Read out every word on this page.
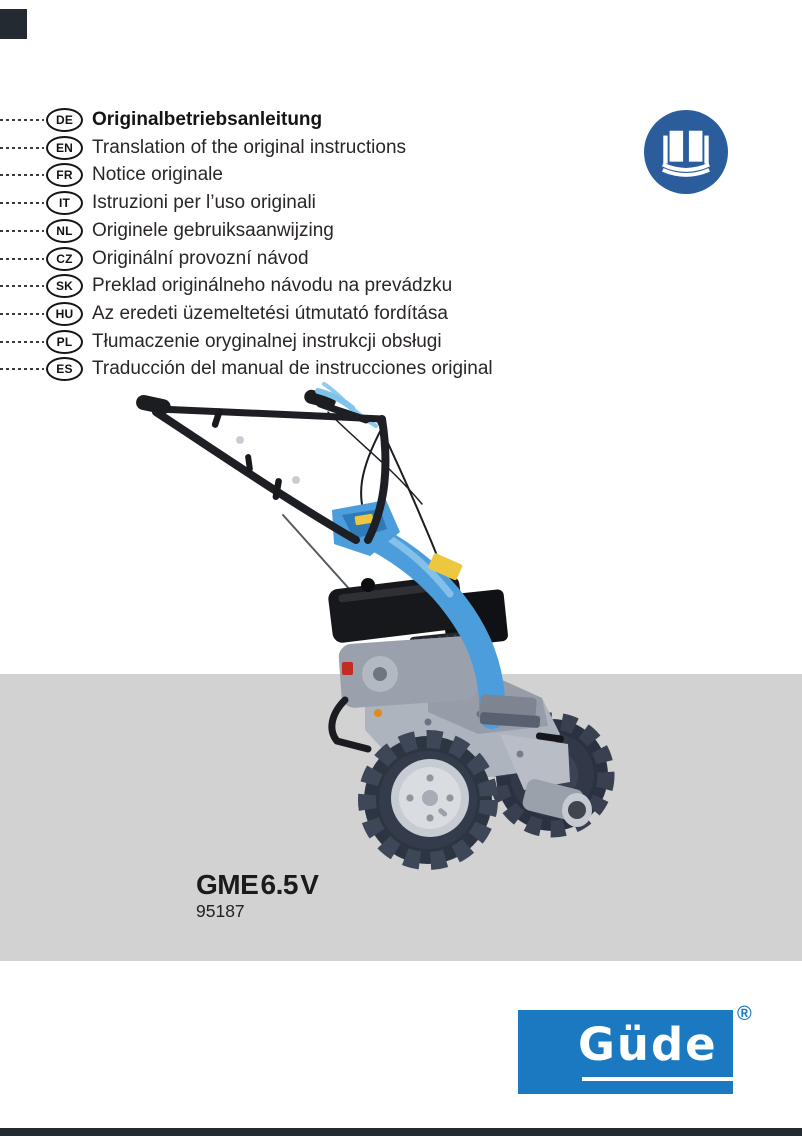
DE Originalbetriebsanleitung
EN Translation of the original instructions
FR	Notice originale
IT	Istruzioni per l’uso originali
NL	Originele gebruiksaanwijzing
CZ	Originální provozní návod
SK Preklad originálneho návodu na prevádzku
HU Az eredeti üzemeltetési útmutató fordítása
PL	Tłumaczenie oryginalnej instrukcji obsługi
ES	Traducción del manual de instrucciones original
GME 6.5 V
95187
Güde
®
